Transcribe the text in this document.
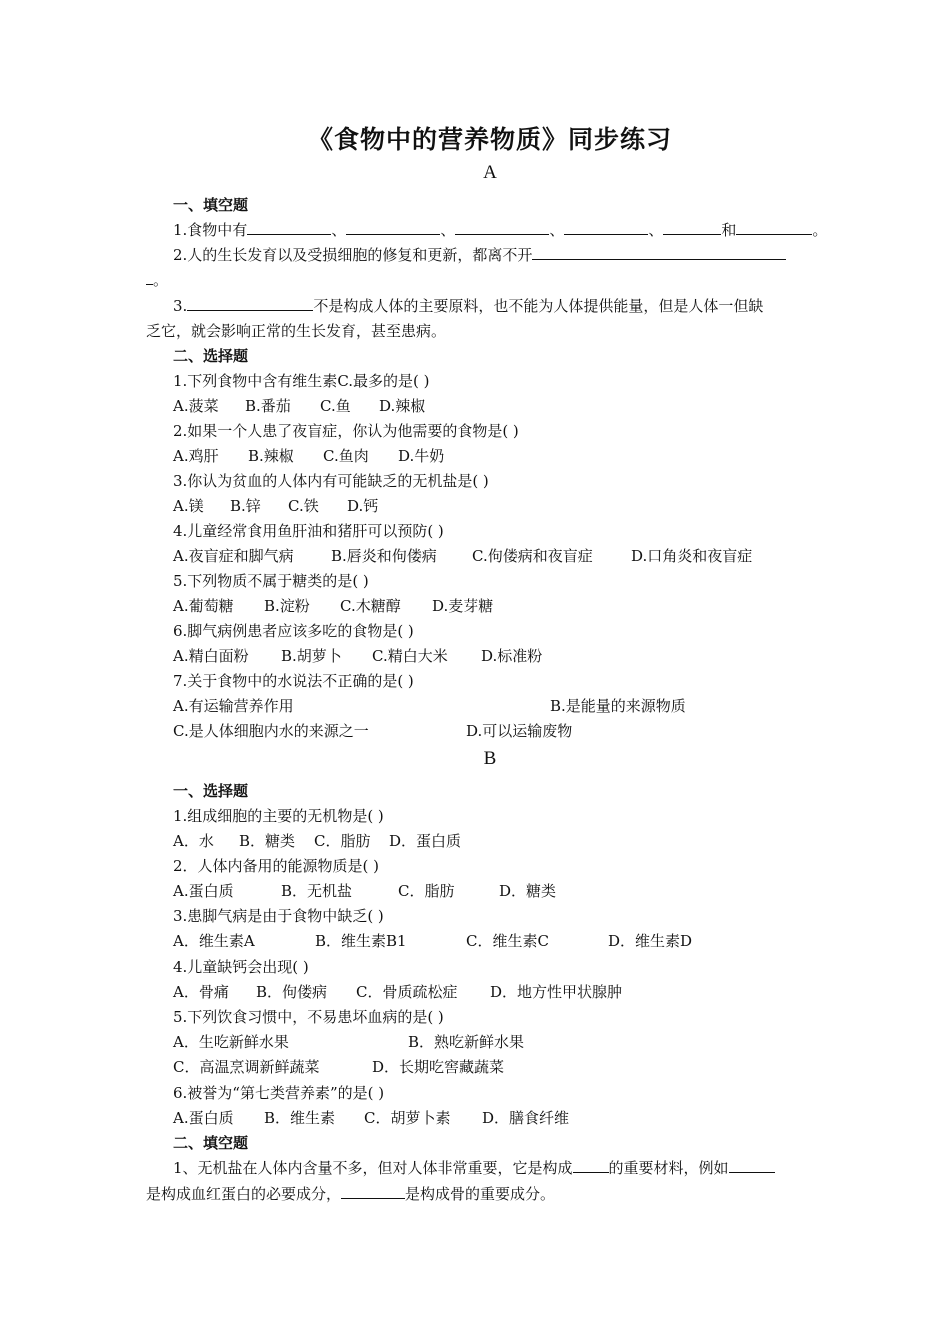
《食物中的营养物质》同步练习
A
一、填空题
1.食物中有	、	、	、	、	和	。
2.人的生长发育以及受损细胞的修复和更新，都离不开
。
3.	不是构成人体的主要原料，也不能为人体提供能量，但是人体一但缺
乏它，就会影响正常的生长发育，甚至患病。
二、选择题
1.下列食物中含有维生素C.最多的是( )
A.菠菜 B.番茄 C.鱼 D.辣椒
2.如果一个人患了夜盲症，你认为他需要的食物是( )
A.鸡肝 B.辣椒 C.鱼肉 D.牛奶
3.你认为贫血的人体内有可能缺乏的无机盐是( )
A.镁 B.锌 C.铁 D.钙
4.儿童经常食用鱼肝油和猪肝可以预防( )
A.夜盲症和脚气病 B.唇炎和佝偻病 C.佝偻病和夜盲症	D.口角炎和夜盲症
5.下列物质不属于糖类的是( )
A.葡萄糖 B.淀粉 C.木糖醇 D.麦芽糖
6.脚气病例患者应该多吃的食物是( )
A.精白面粉 B.胡萝卜 C.精白大米 D.标准粉
7.关于食物中的水说法不正确的是( )
A.有运输营养作用	B.是能量的来源物质
C.是人体细胞内水的来源之一	D.可以运输废物
B
一、选择题
1.组成细胞的主要的无机物是( )
A．水 B．糖类 C．脂肪 D．蛋白质
2．人体内备用的能源物质是( )
A.蛋白质	B．无机盐	C．脂肪	D．糖类
3.患脚气病是由于食物中缺乏( )
A．维生素A	B．维生素B1	C．维生素C	D．维生素D
4.儿童缺钙会出现( )
A．骨痛 B．佝偻病 C．骨质疏松症 D．地方性甲状腺肿
5.下列饮食习惯中，不易患坏血病的是( )
A．生吃新鲜水果	B．熟吃新鲜水果
C．高温烹调新鲜蔬菜	D．长期吃窖藏蔬菜
6.被誉为“第七类营养素”的是( )
A.蛋白质 B．维生素 C．胡萝卜素 D．膳食纤维
二、填空题
1、无机盐在人体内含量不多，但对人体非常重要，它是构成 的重要材料，例如
是构成血红蛋白的必要成分，	是构成骨的重要成分。
